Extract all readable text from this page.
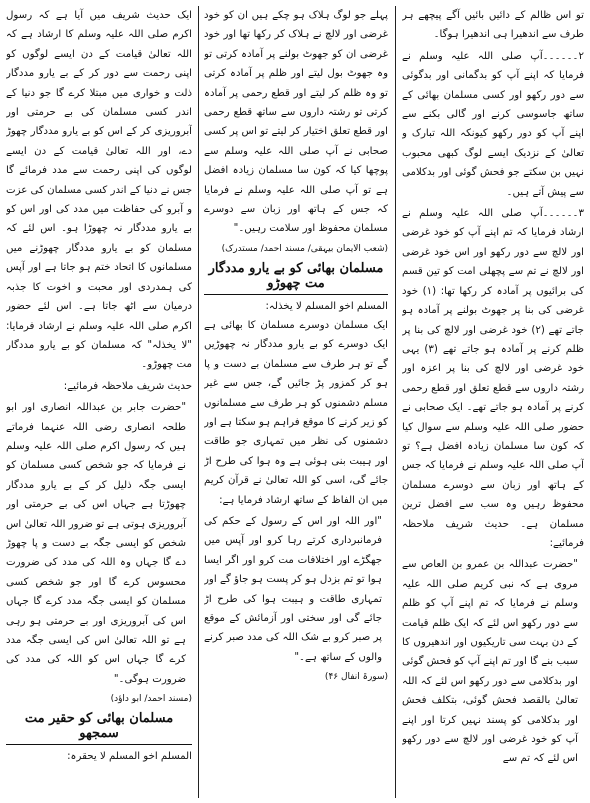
تو اس ظالم کے دائیں بائیں آگے پیچھے ہر طرف سے اندھیرا ہی اندھیرا ہوگا۔

۲۔۔۔۔۔۔آپ صلی اللہ علیہ وسلم نے فرمایا کہ اپنے آپ کو بدگمانی اور بدگوئی سے دور رکھو اور کسی مسلمان بھائی کے ساتھ جاسوسی کرنے اور گالی بکنے سے اپنے آپ کو دور رکھو کیونکہ اللہ تبارک و تعالیٰ کے نزدیک ایسے لوگ کبھی محبوب نہیں بن سکتے جو فحش گوئی اور بدکلامی سے پیش آتے ہیں۔

۳۔۔۔۔۔۔آپ صلی اللہ علیہ وسلم نے ارشاد فرمایا کہ تم اپنے آپ کو خود غرضی اور لالچ سے دور رکھو اور اس خود غرضی اور لالچ نے تم سے پچھلی امت کو تین قسم کی برائیوں پر آمادہ کر رکھا تھا: (۱) خود غرضی کی بنا پر جھوٹ بولنے پر آمادہ ہو جاتے تھے (۲) خود غرضی اور لالچ کی بنا پر ظلم کرنے پر آمادہ ہو جاتے تھے (۳) یہی خود غرضی اور لالچ کی بنا پر اعزہ اور رشتہ داروں سے قطع تعلق اور قطع رحمی کرنے پر آمادہ ہو جاتے تھے۔ ایک صحابی نے حضور صلی اللہ علیہ وسلم سے سوال کیا کہ کون سا مسلمان زیادہ افضل ہے؟ تو آپ صلی اللہ علیہ وسلم نے فرمایا کہ جس کے ہاتھ اور زبان سے دوسرے مسلمان محفوظ رہیں وہ سب سے افضل ترین مسلمان ہے۔ حدیث شریف ملاحظہ فرمائیے:

"حضرت عبداللہ بن عمرو بن العاص سے مروی ہے کہ نبی کریم صلی اللہ علیہ وسلم نے فرمایا کہ تم اپنے آپ کو ظلم سے دور رکھو اس لئے کہ ایک ظلم قیامت کے دن بہت سی تاریکیوں اور اندھیروں کا سبب بنے گا اور تم اپنے آپ کو فحش گوئی اور بدکلامی سے دور رکھو اس لئے کہ اللہ تعالیٰ بالقصد فحش گوئی، بتکلف فحش اور بدکلامی کو پسند نہیں کرتا اور اپنے آپ کو خود غرضی اور لالچ سے دور رکھو اس لئے کہ تم سے

پہلے جو لوگ ہلاک ہو چکے ہیں ان کو خود غرضی اور لالچ نے ہلاک کر رکھا تھا اور خود غرضی ان کو جھوٹ بولنے پر آمادہ کرتی تو وہ جھوٹ بول لیتے اور ظلم پر آمادہ کرتی تو وہ ظلم کر لیتے اور قطع رحمی پر آمادہ کرتی تو رشتہ داروں سے ساتھ قطع رحمی اور قطع تعلق اختیار کر لیتے تو اس پر کسی صحابی نے آپ صلی اللہ علیہ وسلم سے پوچھا کیا کہ کون سا مسلمان زیادہ افضل ہے تو آپ صلی اللہ علیہ وسلم نے فرمایا کہ جس کے ہاتھ اور زبان سے دوسرے مسلمان محفوظ اور سلامت رہیں۔"

(شعب الایمان بیہقی/ مسند احمد/ مستدرک)

مسلمان بھائی کو بے یارو مددگار مت چھوڑو

المسلم اخو المسلم لا یخذلہ:

ایک مسلمان دوسرے مسلمان کا بھائی ہے ایک دوسرے کو بے یارو مددگار نہ چھوڑیں گے تو ہر طرف سے مسلمان بے دست و پا ہو کر کمزور پڑ جائیں گے، جس سے غیر مسلم دشمنوں کو ہر طرف سے مسلمانوں کو زیر کرنے کا موقع فراہم ہو سکتا ہے اور دشمنوں کی نظر میں تمہاری جو طاقت اور ہیبت بنی ہوئی ہے وہ ہوا کی طرح اڑ جائے گی، اسی کو اللہ تعالیٰ نے قرآن کریم میں ان الفاظ کے ساتھ ارشاد فرمایا ہے:

"اور اللہ اور اس کے رسول کے حکم کی فرمانبرداری کرتے رہا کرو اور آپس میں جھگڑے اور اختلافات مت کرو اور اگر ایسا ہوا تو تم بزدل ہو کر پست ہو جاؤ گے اور تمہاری طاقت و ہیبت ہوا کی طرح اڑ جائے گی اور سختی اور آزمائش کے موقع پر صبر کرو بے شک اللہ کی مدد صبر کرنے والوں کے ساتھ ہے۔"

(سورۃ انفال ۴۶)

ایک حدیث شریف میں آیا ہے کہ رسول اکرم صلی اللہ علیہ وسلم کا ارشاد ہے کہ اللہ تعالیٰ قیامت کے دن ایسے لوگوں کو اپنی رحمت سے دور کر کے بے یارو مددگار ذلت و خواری میں مبتلا کرے گا جو دنیا کے اندر کسی مسلمان کی بے حرمتی اور آبروریزی کر کے اس کو بے یارو مددگار چھوڑ دے، اور اللہ تعالیٰ قیامت کے دن ایسے لوگوں کی اپنی رحمت سے مدد فرمائے گا جس نے دنیا کے اندر کسی مسلمان کی عزت و آبرو کی حفاظت میں مدد کی اور اس کو بے یارو مددگار نہ چھوڑا ہو۔ اس لئے کہ مسلمان کو بے یارو مددگار چھوڑنے میں مسلمانوں کا اتحاد ختم ہو جاتا ہے اور آپس کی ہمدردی اور محبت و اخوت کا جذبہ درمیان سے اٹھ جاتا ہے۔ اس لئے حضور اکرم صلی اللہ علیہ وسلم نے ارشاد فرمایا: "لا یخذلہ" کہ مسلمان کو بے یارو مددگار مت چھوڑو۔

حدیث شریف ملاحظہ فرمائیے:

"حضرت جابر بن عبداللہ انصاری اور ابو طلحہ انصاری رضی اللہ عنہما فرماتے ہیں کہ رسول اکرم صلی اللہ علیہ وسلم نے فرمایا کہ جو شخص کسی مسلمان کو ایسی جگہ ذلیل کر کے بے یارو مددگار چھوڑتا ہے جہاں اس کی بے حرمتی اور آبروریزی ہوتی ہے تو ضرور اللہ تعالیٰ اس شخص کو ایسی جگہ بے دست و پا چھوڑ دے گا جہاں وہ اللہ کی مدد کی ضرورت محسوس کرے گا اور جو شخص کسی مسلمان کو ایسی جگہ مدد کرے گا جہاں اس کی آبروریزی اور بے حرمتی ہو رہی ہے تو اللہ تعالیٰ اس کی ایسی جگہ مدد کرے گا جہاں اس کو اللہ کی مدد کی ضرورت ہوگی۔"

(مسند احمد/ ابو داؤد)

مسلمان بھائی کو حقیر مت سمجھو

المسلم اخو المسلم لا یحقرہ:
